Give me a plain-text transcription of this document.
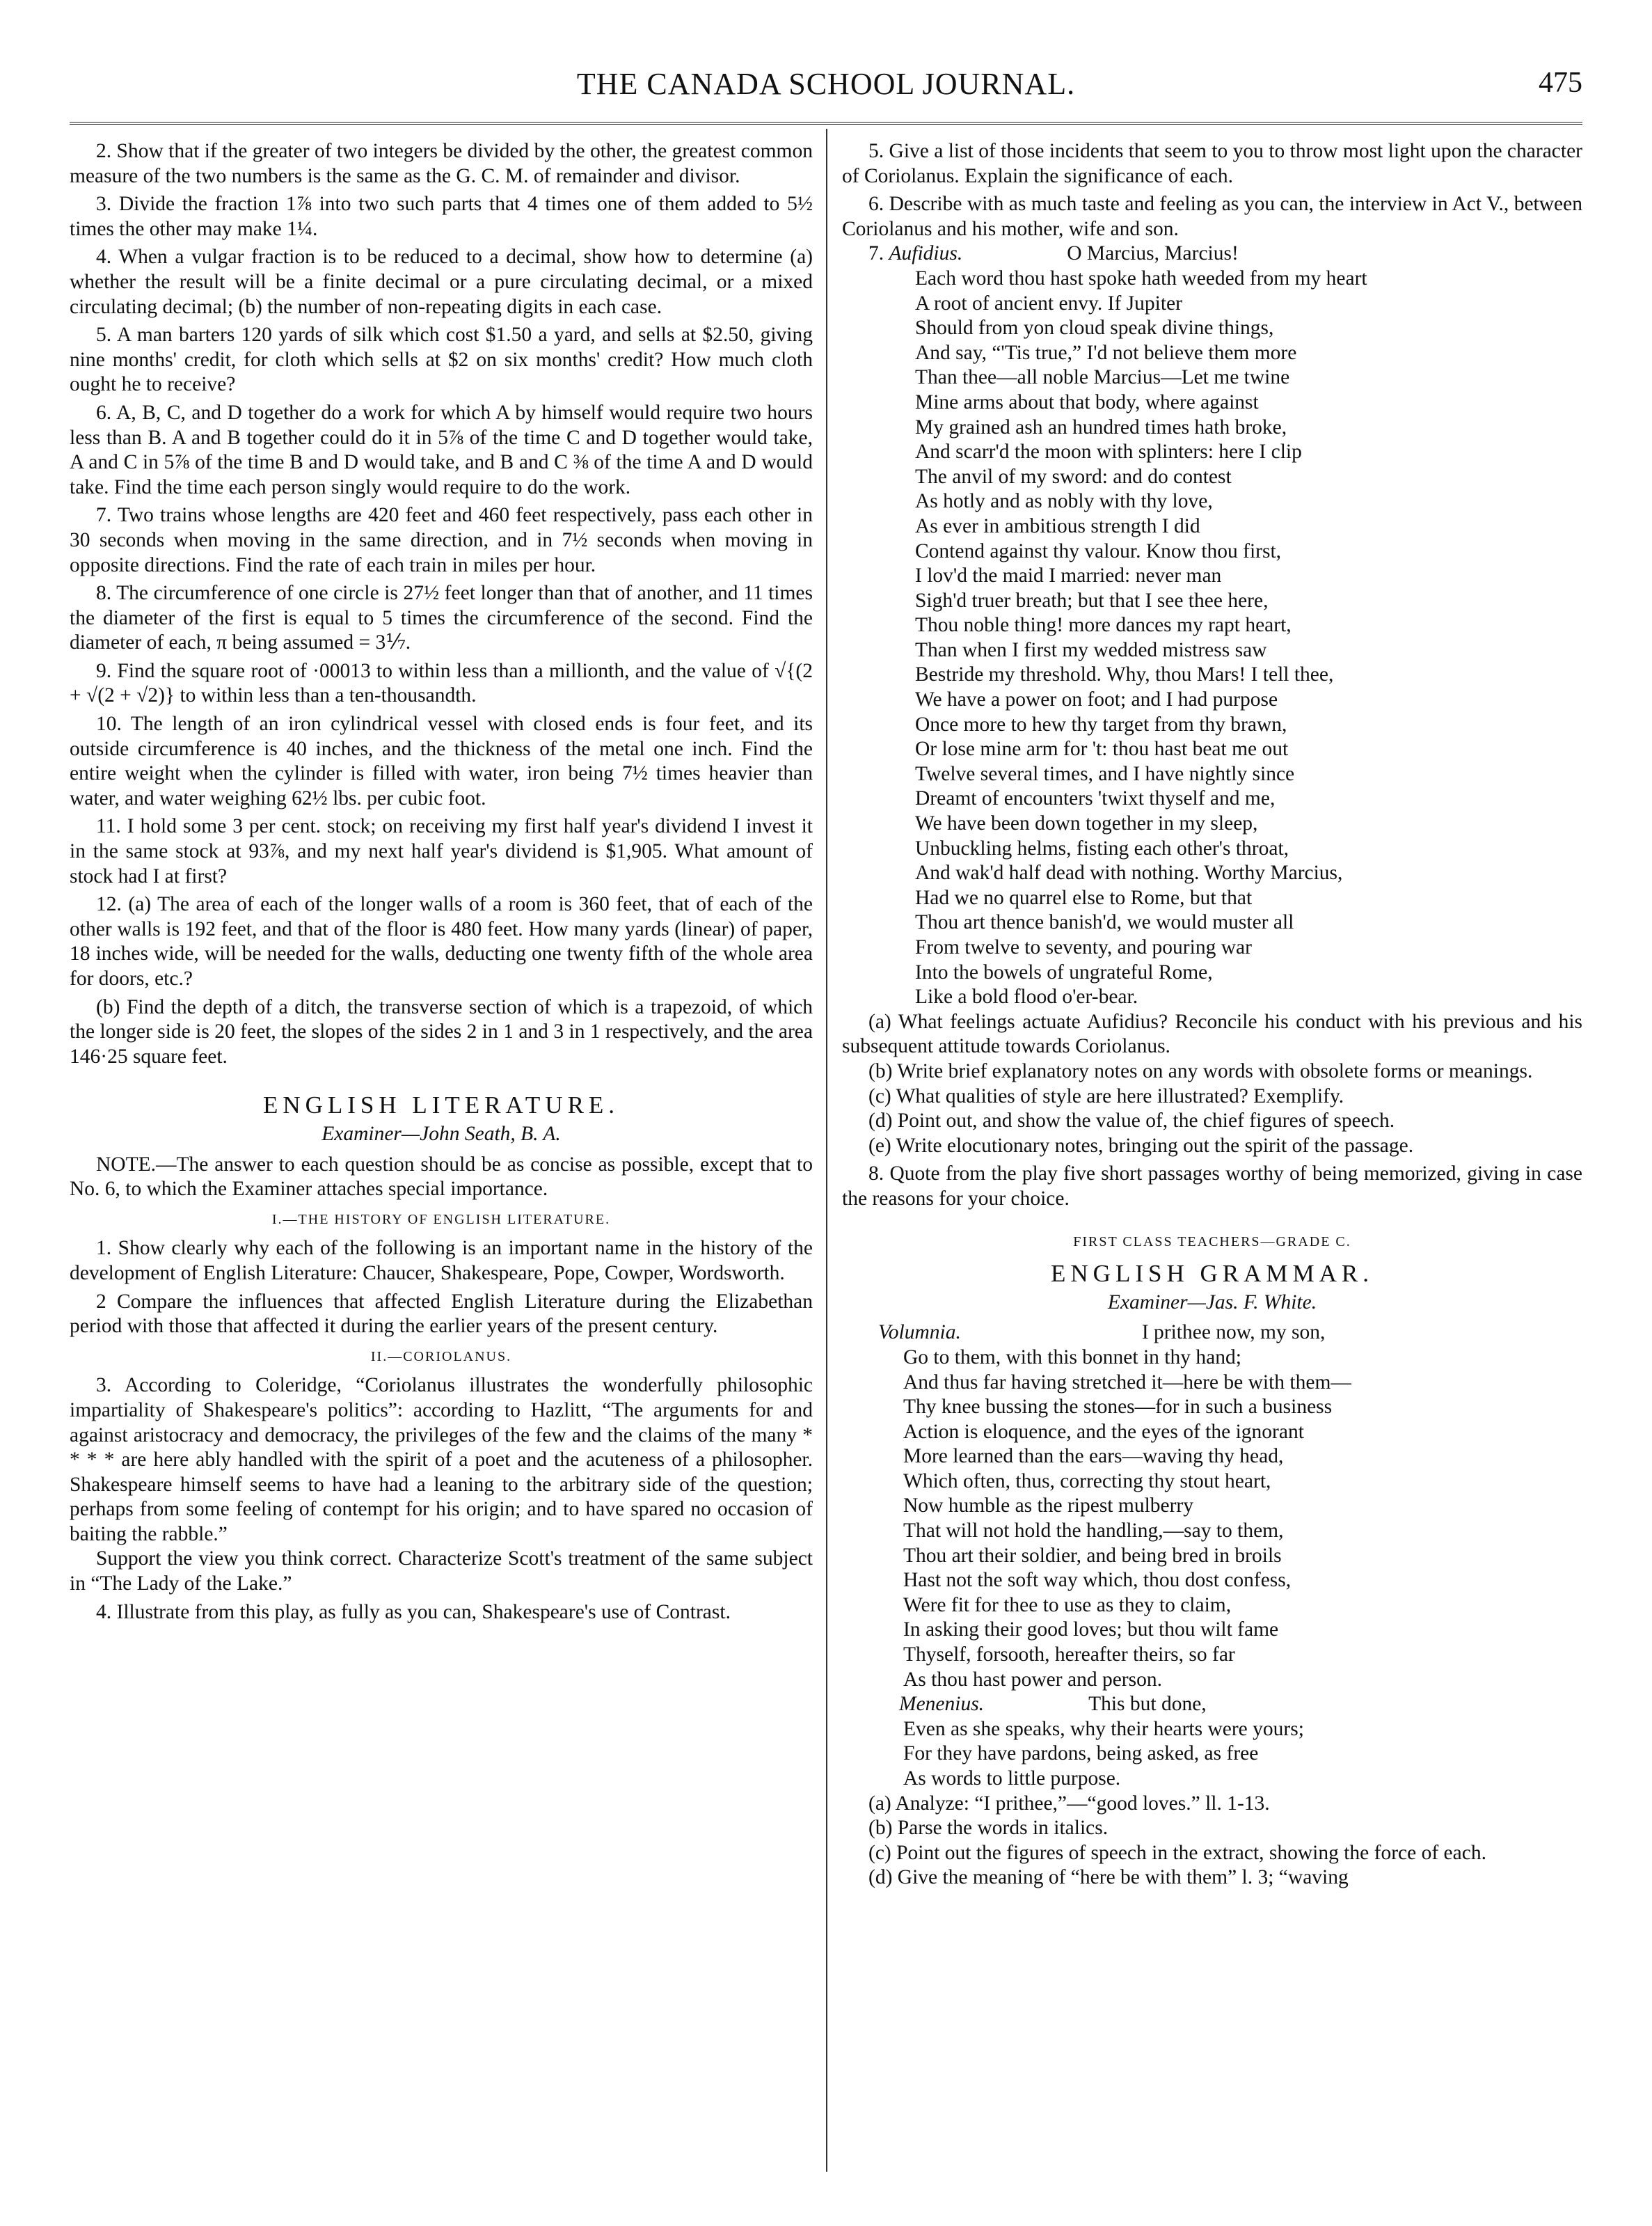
THE CANADA SCHOOL JOURNAL.	475

2. Show that if the greater of two integers be divided by the other, the greatest common measure of the two numbers is the same as the G. C. M. of remainder and divisor.

3. Divide the fraction 1⅞ into two such parts that 4 times one of them added to 5½ times the other may make 1¼.

4. When a vulgar fraction is to be reduced to a decimal, show how to determine (a) whether the result will be a finite decimal or a pure circulating decimal, or a mixed circulating decimal; (b) the number of non-repeating digits in each case.

5. A man barters 120 yards of silk which cost $1.50 a yard, and sells at $2.50, giving nine months' credit, for cloth which sells at $2 on six months' credit? How much cloth ought he to receive?

6. A, B, C, and D together do a work for which A by himself would require two hours less than B. A and B together could do it in 5⅞ of the time C and D together would take, A and C in 5⅞ of the time B and D would take, and B and C ⅜ of the time A and D would take. Find the time each person singly would require to do the work.

7. Two trains whose lengths are 420 feet and 460 feet respectively, pass each other in 30 seconds when moving in the same direction, and in 7½ seconds when moving in opposite directions. Find the rate of each train in miles per hour.

8. The circumference of one circle is 27½ feet longer than that of another, and 11 times the diameter of the first is equal to 5 times the circumference of the second. Find the diameter of each, π being assumed = 3⅐.

9. Find the square root of ·00013 to within less than a millionth, and the value of √{(2 + √(2 + √2)} to within less than a ten-thousandth.

10. The length of an iron cylindrical vessel with closed ends is four feet, and its outside circumference is 40 inches, and the thickness of the metal one inch. Find the entire weight when the cylinder is filled with water, iron being 7½ times heavier than water, and water weighing 62½ lbs. per cubic foot.

11. I hold some 3 per cent. stock; on receiving my first half year's dividend I invest it in the same stock at 93⅞, and my next half year's dividend is $1,905. What amount of stock had I at first?

12. (a) The area of each of the longer walls of a room is 360 feet, that of each of the other walls is 192 feet, and that of the floor is 480 feet. How many yards (linear) of paper, 18 inches wide, will be needed for the walls, deducting one twenty fifth of the whole area for doors, etc.?

(b) Find the depth of a ditch, the transverse section of which is a trapezoid, of which the longer side is 20 feet, the slopes of the sides 2 in 1 and 3 in 1 respectively, and the area 146·25 square feet.

ENGLISH LITERATURE.
Examiner—John Seath, B. A.

NOTE.—The answer to each question should be as concise as possible, except that to No. 6, to which the Examiner attaches special importance.

I.—THE HISTORY OF ENGLISH LITERATURE.

1. Show clearly why each of the following is an important name in the history of the development of English Literature: Chaucer, Shakespeare, Pope, Cowper, Wordsworth.

2 Compare the influences that affected English Literature during the Elizabethan period with those that affected it during the earlier years of the present century.

II.—CORIOLANUS.

3. According to Coleridge, “Coriolanus illustrates the wonderfully philosophic impartiality of Shakespeare's politics”: according to Hazlitt, “The arguments for and against aristocracy and democracy, the privileges of the few and the claims of the many * * * * are here ably handled with the spirit of a poet and the acuteness of a philosopher. Shakespeare himself seems to have had a leaning to the arbitrary side of the question; perhaps from some feeling of contempt for his origin; and to have spared no occasion of baiting the rabble.”

Support the view you think correct. Characterize Scott's treatment of the same subject in “The Lady of the Lake.”

4. Illustrate from this play, as fully as you can, Shakespeare's use of Contrast.

5. Give a list of those incidents that seem to you to throw most light upon the character of Coriolanus. Explain the significance of each.

6. Describe with as much taste and feeling as you can, the interview in Act V., between Coriolanus and his mother, wife and son.

7. Aufidius.	O Marcius, Marcius!
Each word thou hast spoke hath weeded from my heart
A root of ancient envy. If Jupiter
Should from yon cloud speak divine things,
And say, “'Tis true,” I'd not believe them more
Than thee—all noble Marcius—Let me twine
Mine arms about that body, where against
My grained ash an hundred times hath broke,
And scarr'd the moon with splinters: here I clip
The anvil of my sword: and do contest
As hotly and as nobly with thy love,
As ever in ambitious strength I did
Contend against thy valour. Know thou first,
I lov'd the maid I married: never man
Sigh'd truer breath; but that I see thee here,
Thou noble thing! more dances my rapt heart,
Than when I first my wedded mistress saw
Bestride my threshold. Why, thou Mars! I tell thee,
We have a power on foot; and I had purpose
Once more to hew thy target from thy brawn,
Or lose mine arm for 't: thou hast beat me out
Twelve several times, and I have nightly since
Dreamt of encounters 'twixt thyself and me,
We have been down together in my sleep,
Unbuckling helms, fisting each other's throat,
And wak'd half dead with nothing. Worthy Marcius,
Had we no quarrel else to Rome, but that
Thou art thence banish'd, we would muster all
From twelve to seventy, and pouring war
Into the bowels of ungrateful Rome,
Like a bold flood o'er-bear.

(a) What feelings actuate Aufidius? Reconcile his conduct with his previous and his subsequent attitude towards Coriolanus.

(b) Write brief explanatory notes on any words with obsolete forms or meanings.

(c) What qualities of style are here illustrated? Exemplify.

(d) Point out, and show the value of, the chief figures of speech.

(e) Write elocutionary notes, bringing out the spirit of the passage.

8. Quote from the play five short passages worthy of being memorized, giving in case the reasons for your choice.

FIRST CLASS TEACHERS—GRADE C.
ENGLISH GRAMMAR.
Examiner—Jas. F. White.
Volumnia.	I prithee now, my son,
Go to them, with this bonnet in thy hand;
And thus far having stretched it—here be with them—
Thy knee bussing the stones—for in such a business
Action is eloquence, and the eyes of the ignorant
More learned than the ears—waving thy head,
Which often, thus, correcting thy stout heart,
Now humble as the ripest mulberry
That will not hold the handling,—say to them,
Thou art their soldier, and being bred in broils
Hast not the soft way which, thou dost confess,
Were fit for thee to use as they to claim,
In asking their good loves; but thou wilt fame
Thyself, forsooth, hereafter theirs, so far
As thou hast power and person.
Menenius.	This but done,
Even as she speaks, why their hearts were yours;
For they have pardons, being asked, as free
As words to little purpose.

(a) Analyze: “I prithee,”—“good loves.” ll. 1-13.

(b) Parse the words in italics.

(c) Point out the figures of speech in the extract, showing the force of each.

(d) Give the meaning of “here be with them” l. 3; “waving
